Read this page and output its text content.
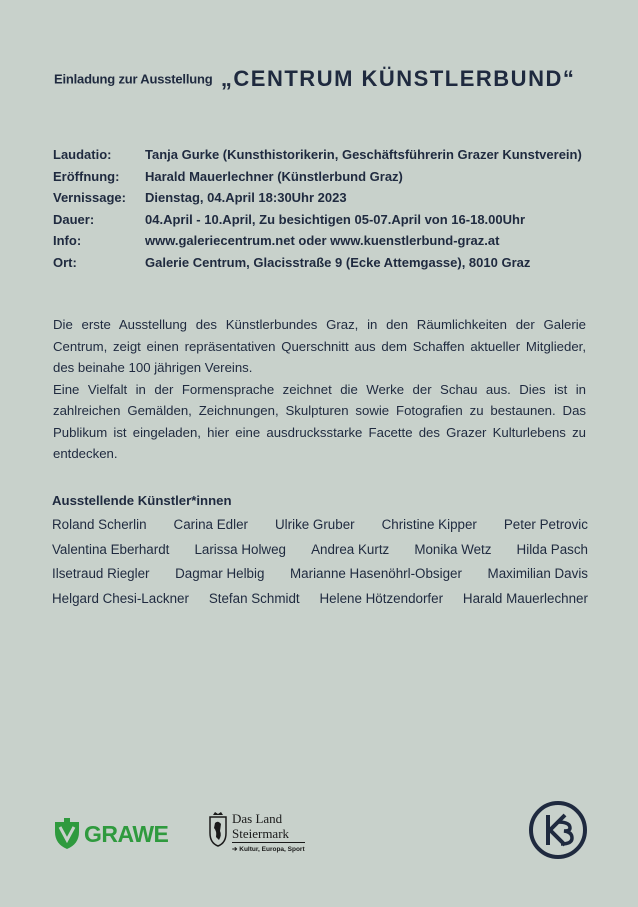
Einladung zur Ausstellung „CENTRUM KÜNSTLERBUND“
Laudatio:	Tanja Gurke (Kunsthistorikerin, Geschäftsführerin Grazer Kunstverein)
Eröffnung: Harald Mauerlechner (Künstlerbund Graz)
Vernissage: Dienstag, 04.April 18:30Uhr 2023
Dauer:	04.April - 10.April, Zu besichtigen 05-07.April von 16-18.00Uhr
Info:	www.galeriecentrum.net oder www.kuenstlerbund-graz.at
Ort:	Galerie Centrum, Glacisstraße 9 (Ecke Attemgasse), 8010 Graz

Die erste Ausstellung des Künstlerbundes Graz, in den Räumlichkeiten der Galerie Centrum, zeigt einen repräsentativen Querschnitt aus dem Schaffen aktueller Mitglieder, des beinahe 100 jährigen Vereins.

Eine Vielfalt in der Formensprache zeichnet die Werke der Schau aus. Dies ist in zahlreichen Gemälden, Zeichnungen, Skulpturen sowie Fotografien zu bestaunen. Das Publikum ist eingeladen, hier eine ausdrucksstarke Facette des Grazer Kulturlebens zu entdecken.

Ausstellende Künstler*innen
Roland Scherlin Carina Edler Ulrike Gruber Christine Kipper Peter Petrovic
Valentina Eberhardt Larissa Holweg Andrea Kurtz Monika Wetz Hilda Pasch
Ilsetraud Riegler Dagmar Helbig Marianne Hasenöhrl-Obsiger Maximilian Davis
Helgard Chesi-Lackner Stefan Schmidt Helene Hötzendorfer Harald Mauerlechner
GRAWE
Das Land
Steiermark
➔ Kultur, Europa, Sport
